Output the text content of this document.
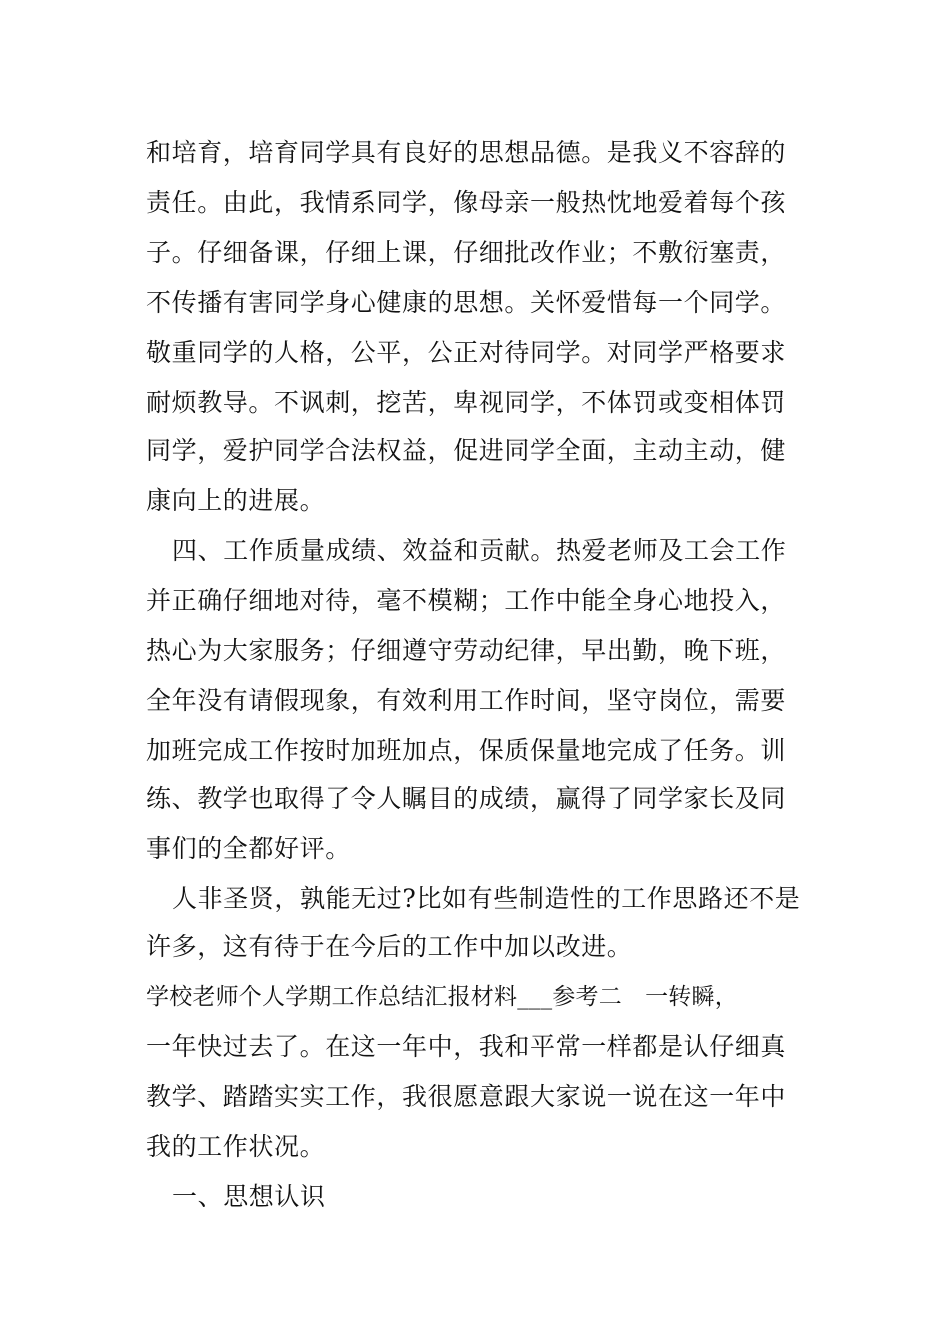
和培育，培育同学具有良好的思想品德。是我义不容辞的
责任。由此，我情系同学，像母亲一般热忱地爱着每个孩
子。仔细备课，仔细上课，仔细批改作业；不敷衍塞责，
不传播有害同学身心健康的思想。关怀爱惜每一个同学。
敬重同学的人格，公平，公正对待同学。对同学严格要求
耐烦教导。不讽刺，挖苦，卑视同学，不体罚或变相体罚
同学，爱护同学合法权益，促进同学全面，主动主动，健
康向上的进展。
四、工作质量成绩、效益和贡献。热爱老师及工会工作
并正确仔细地对待，毫不模糊；工作中能全身心地投入，
热心为大家服务；仔细遵守劳动纪律，早出勤，晚下班，
全年没有请假现象，有效利用工作时间，坚守岗位，需要
加班完成工作按时加班加点，保质保量地完成了任务。训
练、教学也取得了令人瞩目的成绩，赢得了同学家长及同
事们的全都好评。
人非圣贤，孰能无过?比如有些制造性的工作思路还不是
许多，这有待于在今后的工作中加以改进。
学校老师个人学期工作总结汇报材料___参考二　一转瞬，
一年快过去了。在这一年中，我和平常一样都是认仔细真
教学、踏踏实实工作，我很愿意跟大家说一说在这一年中
我的工作状况。
一、思想认识
